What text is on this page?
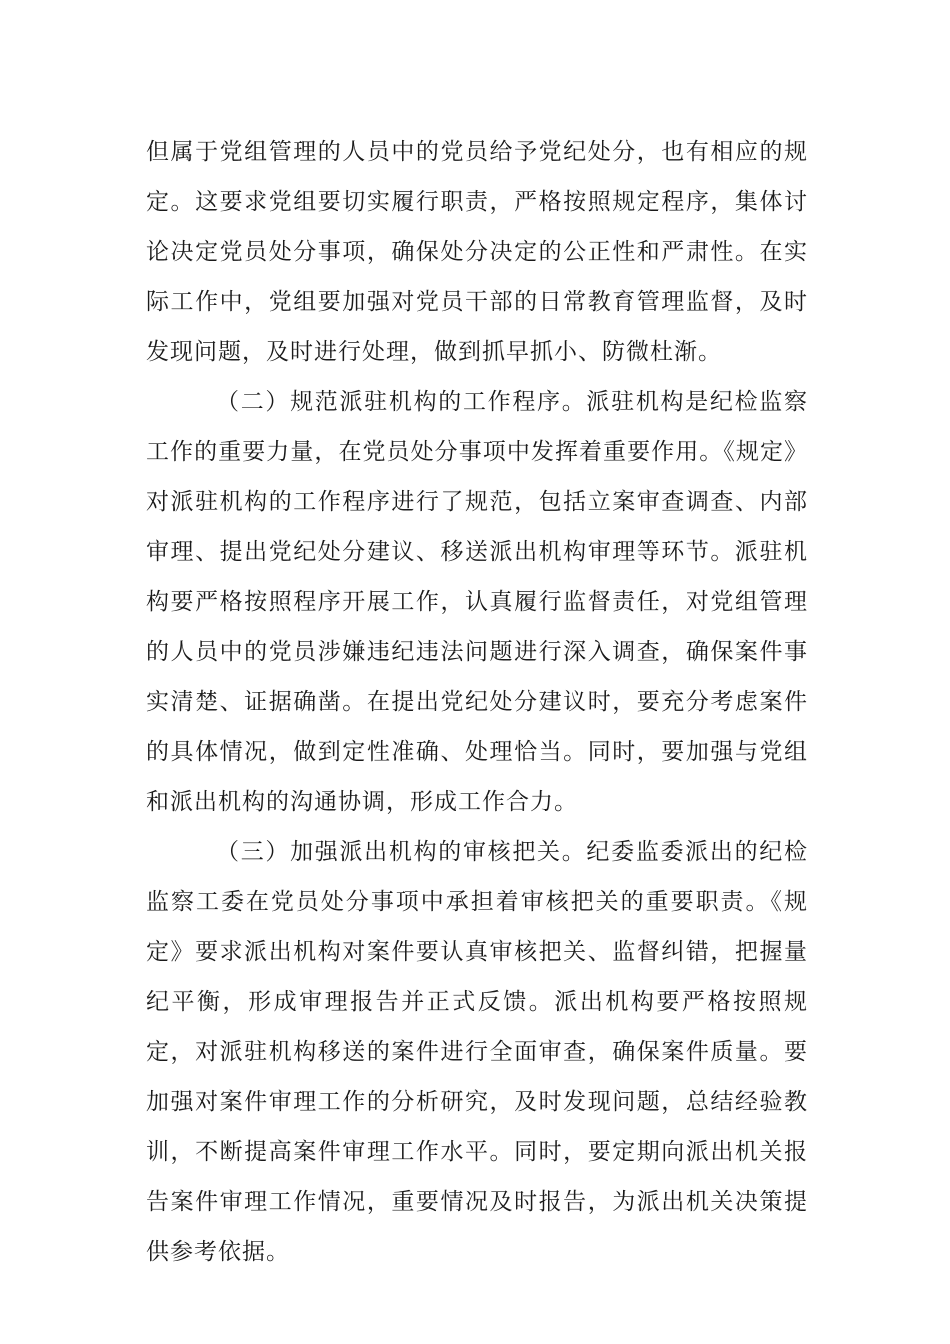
但属于党组管理的人员中的党员给予党纪处分，也有相应的规定。这要求党组要切实履行职责，严格按照规定程序，集体讨论决定党员处分事项，确保处分决定的公正性和严肃性。在实际工作中，党组要加强对党员干部的日常教育管理监督，及时发现问题，及时进行处理，做到抓早抓小、防微杜渐。

（二）规范派驻机构的工作程序。派驻机构是纪检监察工作的重要力量，在党员处分事项中发挥着重要作用。《规定》对派驻机构的工作程序进行了规范，包括立案审查调查、内部审理、提出党纪处分建议、移送派出机构审理等环节。派驻机构要严格按照程序开展工作，认真履行监督责任，对党组管理的人员中的党员涉嫌违纪违法问题进行深入调查，确保案件事实清楚、证据确凿。在提出党纪处分建议时，要充分考虑案件的具体情况，做到定性准确、处理恰当。同时，要加强与党组和派出机构的沟通协调，形成工作合力。

（三）加强派出机构的审核把关。纪委监委派出的纪检监察工委在党员处分事项中承担着审核把关的重要职责。《规定》要求派出机构对案件要认真审核把关、监督纠错，把握量纪平衡，形成审理报告并正式反馈。派出机构要严格按照规定，对派驻机构移送的案件进行全面审查，确保案件质量。要加强对案件审理工作的分析研究，及时发现问题，总结经验教训，不断提高案件审理工作水平。同时，要定期向派出机关报告案件审理工作情况，重要情况及时报告，为派出机关决策提供参考依据。
